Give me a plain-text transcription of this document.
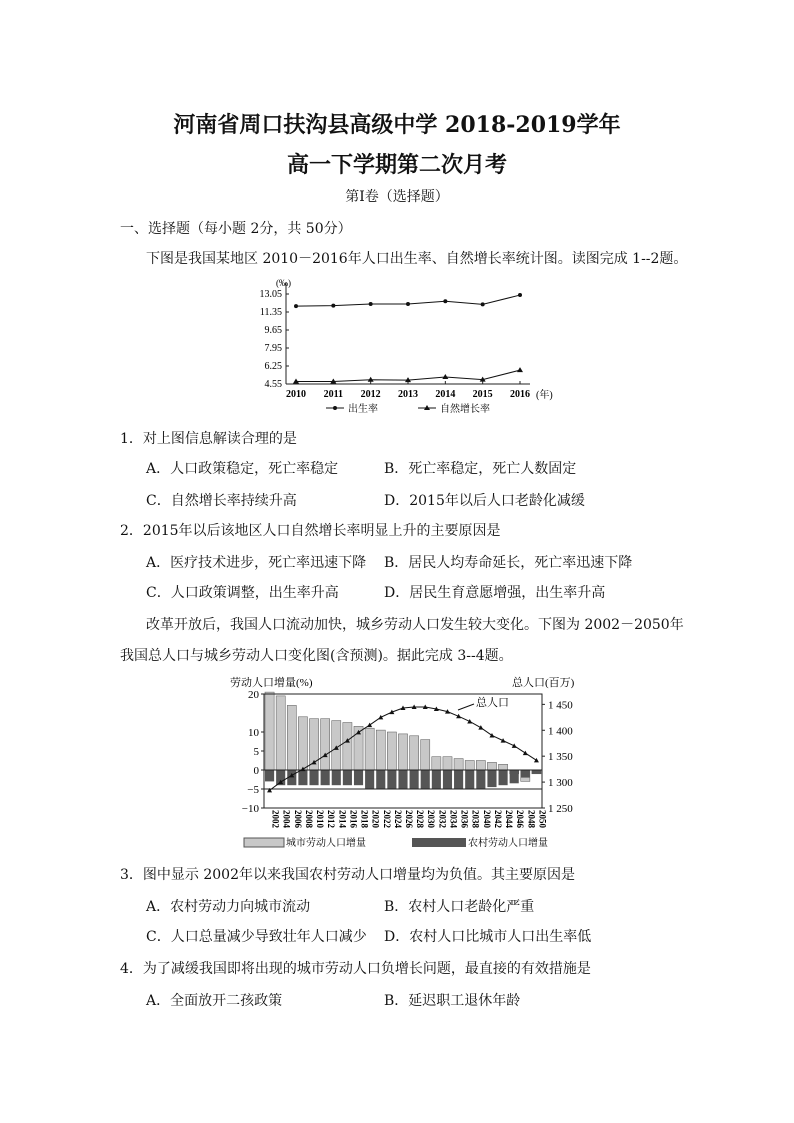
河南省周口扶沟县高级中学 2018-2019学年
高一下学期第二次月考
第Ⅰ卷（选择题）
一、选择题（每小题 2分，共 50分）
下图是我国某地区 2010－2016年人口出生率、自然增长率统计图。读图完成 1--2题。
(‰)
(年)
13.05
11.35
9.65
7.95
6.25
4.55
2010 2011 2012 2013 2014 2015 2016
出生率	自然增长率
1．对上图信息解读合理的是
A．人口政策稳定，死亡率稳定	B．死亡率稳定，死亡人数固定
C．自然增长率持续升高	D．2015年以后人口老龄化减缓
2．2015年以后该地区人口自然增长率明显上升的主要原因是
A．医疗技术进步，死亡率迅速下降 B．居民人均寿命延长，死亡率迅速下降
C．人口政策调整，出生率升高	D．居民生育意愿增强，出生率升高
改革开放后，我国人口流动加快，城乡劳动人口发生较大变化。下图为 2002－2050年
我国总人口与城乡劳动人口变化图(含预测)。据此完成 3--4题。
20
10
5
0
−5
−10
1 450
1 400
1 350
1 300
1 250
2002 2004 2006 2008 2010 2012 2014 2016 2018 2020 2022 2024 2026 2028 2030 2032 2034 2036 2038 2040 2042 2044 2046 2048 2050
劳动人口增量(%)	总人口(百万)
总人口
城市劳动人口增量	农村劳动人口增量
3．图中显示 2002年以来我国农村劳动人口增量均为负值。其主要原因是
A．农村劳动力向城市流动	B．农村人口老龄化严重
C．人口总量减少导致壮年人口减少 D．农村人口比城市人口出生率低
4．为了减缓我国即将出现的城市劳动人口负增长问题，最直接的有效措施是
A．全面放开二孩政策	B．延迟职工退休年龄
